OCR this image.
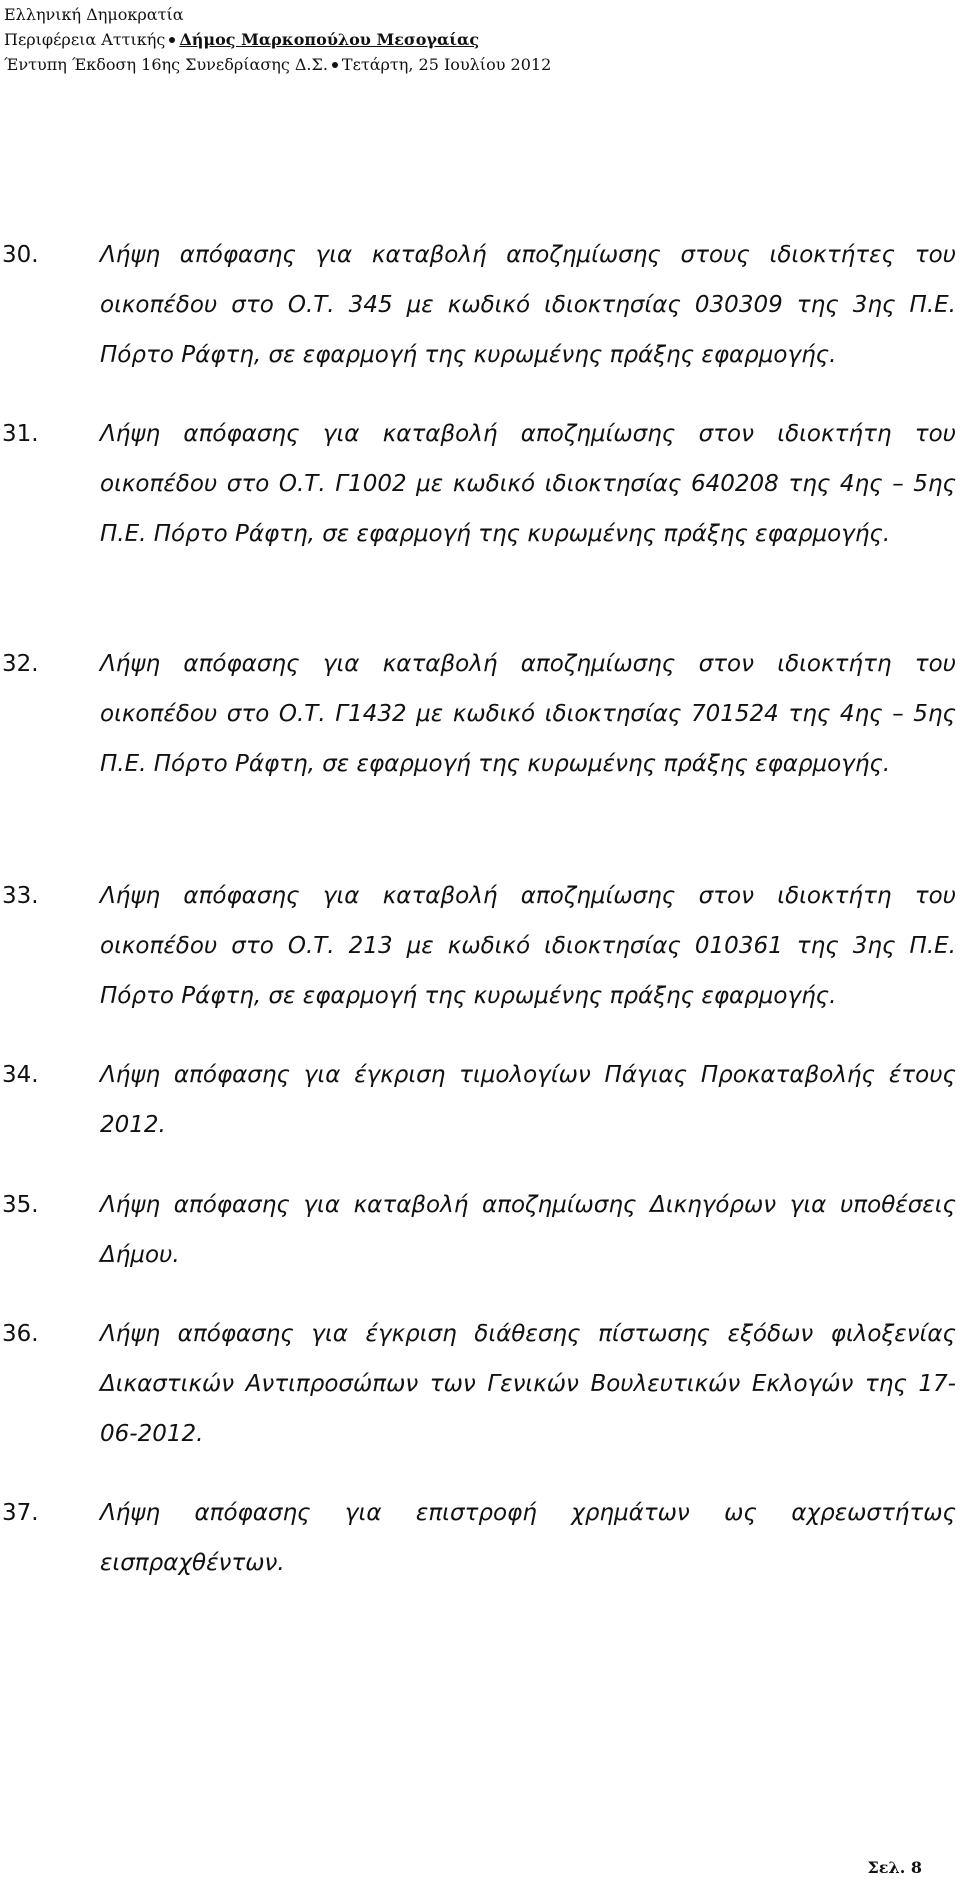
Ελληνική Δημοκρατία
Περιφέρεια Αττικής Δήμος Μαρκοπούλου Μεσογαίας
Έντυπη Έκδοση 16ης Συνεδρίασης Δ.Σ. Τετάρτη, 25 Ιουλίου 2012
30.	Λήψη απόφασης για καταβολή αποζημίωσης στους ιδιοκτήτες του οικοπέδου στο Ο.Τ. 345 με κωδικό ιδιοκτησίας 030309 της 3ης Π.Ε. Πόρτο Ράφτη, σε εφαρμογή της κυρωμένης πράξης εφαρμογής.
31.	Λήψη απόφασης για καταβολή αποζημίωσης στον ιδιοκτήτη του οικοπέδου στο Ο.Τ. Γ1002 με κωδικό ιδιοκτησίας 640208 της 4ης – 5ης Π.Ε. Πόρτο Ράφτη, σε εφαρμογή της κυρωμένης πράξης εφαρμογής.
32.	Λήψη απόφασης για καταβολή αποζημίωσης στον ιδιοκτήτη του οικοπέδου στο Ο.Τ. Γ1432 με κωδικό ιδιοκτησίας 701524 της 4ης – 5ης Π.Ε. Πόρτο Ράφτη, σε εφαρμογή της κυρωμένης πράξης εφαρμογής.
33.	Λήψη απόφασης για καταβολή αποζημίωσης στον ιδιοκτήτη του οικοπέδου στο Ο.Τ. 213 με κωδικό ιδιοκτησίας 010361 της 3ης Π.Ε. Πόρτο Ράφτη, σε εφαρμογή της κυρωμένης πράξης εφαρμογής.
34.	Λήψη απόφασης για έγκριση τιμολογίων Πάγιας Προκαταβολής έτους 2012.
35.	Λήψη απόφασης για καταβολή αποζημίωσης Δικηγόρων για υποθέσεις Δήμου.
36.	Λήψη απόφασης για έγκριση διάθεσης πίστωσης εξόδων φιλοξενίας Δικαστικών Αντιπροσώπων των Γενικών Βουλευτικών Εκλογών της 17-06-2012.
37.	Λήψη απόφασης για επιστροφή χρημάτων ως αχρεωστήτως εισπραχθέντων.
Σελ. 8
